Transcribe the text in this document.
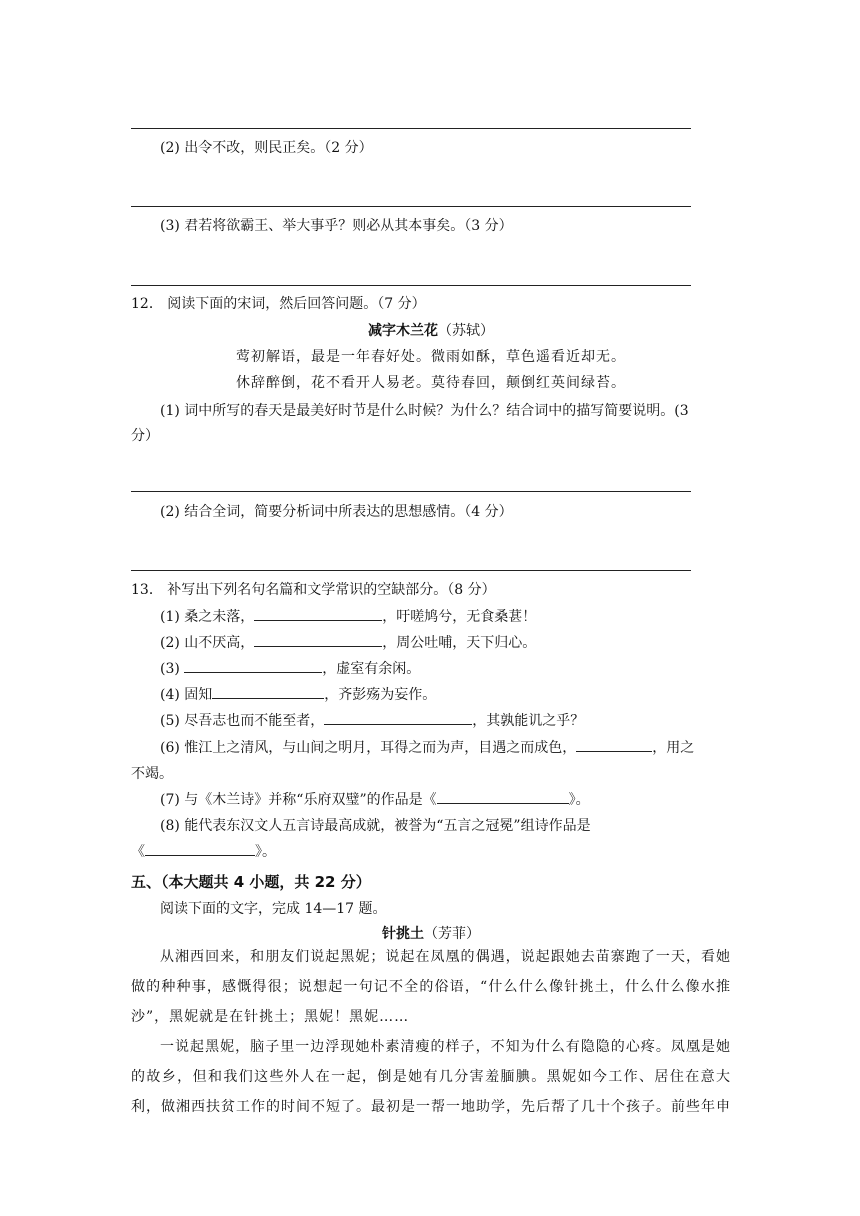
(2) 出令不改，则民正矣。（2 分）
(3) 君若将欲霸王、举大事乎？则必从其本事矣。（3 分）
12． 阅读下面的宋词，然后回答问题。（7 分）
减字木兰花（苏轼）
莺初解语，最是一年春好处。微雨如酥，草色遥看近却无。
休辞醉倒，花不看开人易老。莫待春回，颠倒红英间绿苔。
(1) 词中所写的春天是最美好时节是什么时候？为什么？结合词中的描写简要说明。(3
分）
(2) 结合全词，简要分析词中所表达的思想感情。（4 分）
13． 补写出下列名句名篇和文学常识的空缺部分。（8 分）
(1) 桑之未落，	，吁嗟鸠兮，无食桑葚！
(2) 山不厌高，	，周公吐哺，天下归心。
(3)	，虚室有余闲。
(4) 固知	，齐彭殇为妄作。
(5) 尽吾志也而不能至者，	，其孰能讥之乎？
(6) 惟江上之清风，与山间之明月，耳得之而为声，目遇之而成色，	，用之
不竭。
(7) 与《木兰诗》并称“乐府双璧”的作品是《	》。
(8) 能代表东汉文人五言诗最高成就，被誉为“五言之冠冕”组诗作品是
《	》。
五、（本大题共 4 小题，共 22 分）
阅读下面的文字，完成 14—17 题。
针挑土（芳菲）
从湘西回来，和朋友们说起黑妮；说起在凤凰的偶遇，说起跟她去苗寨跑了一天，看她做的种种事，感慨得很；说想起一句记不全的俗语，“什么什么像针挑土，什么什么像水推沙”，黑妮就是在针挑土；黑妮！黑妮……
一说起黑妮，脑子里一边浮现她朴素清瘦的样子，不知为什么有隐隐的心疼。凤凰是她的故乡，但和我们这些外人在一起，倒是她有几分害羞腼腆。黑妮如今工作、居住在意大利，做湘西扶贫工作的时间不短了。最初是一帮一地助学，先后帮了几十个孩子。前些年申
